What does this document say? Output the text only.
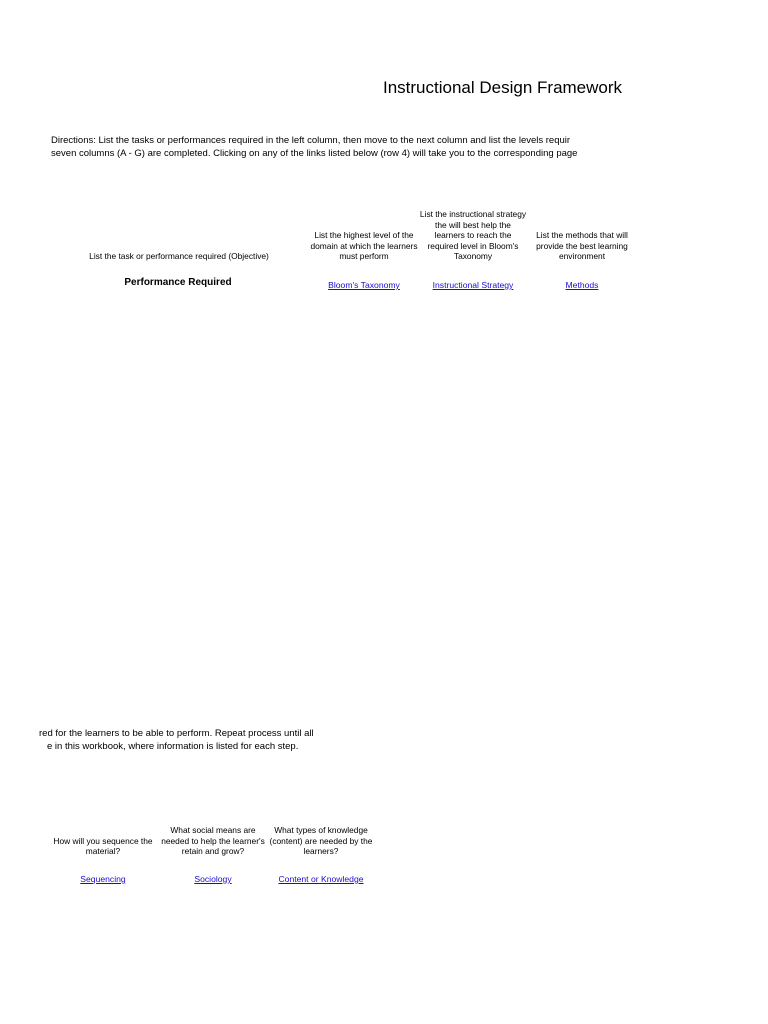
Instructional Design Framework
Directions: List the tasks or performances required in the left column, then move to the next column and list the levels requir
seven columns (A - G) are completed. Clicking on any of the links listed below (row 4) will take you to the corresponding page
List the task or performance required (Objective)
Performance Required
List the highest level of the domain at which the learners must perform
Bloom's Taxonomy
List the instructional strategy the will best help the learners to reach the required level in Bloom's Taxonomy
Instructional Strategy
List the methods that will provide the best learning environment
Methods
red for the learners to be able to perform. Repeat process until all
e in this workbook, where information is listed for each step.
How will you sequence the material?
Sequencing
What social means are needed to help the learner's retain and grow?
Sociology
What types of knowledge (content) are needed by the learners?
Content or Knowledge
